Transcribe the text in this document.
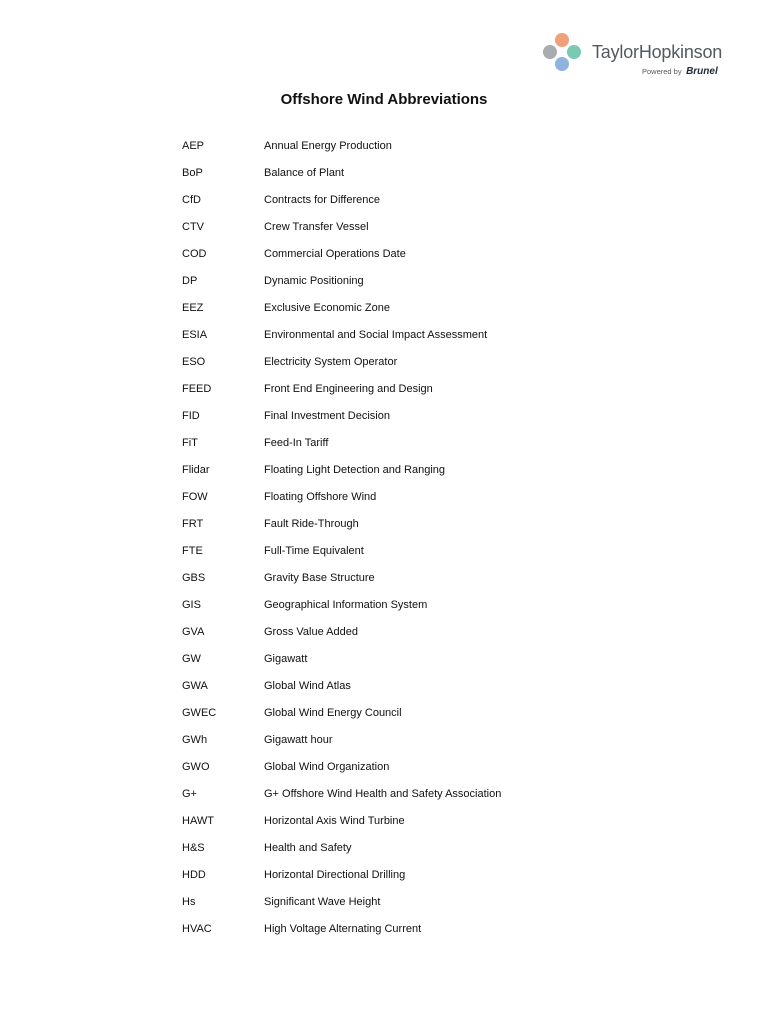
TaylorHopkinson
Powered by Brunel
Offshore Wind Abbreviations
AEP	Annual Energy Production
BoP	Balance of Plant
CfD	Contracts for Difference
CTV	Crew Transfer Vessel
COD	Commercial Operations Date
DP	Dynamic Positioning
EEZ	Exclusive Economic Zone
ESIA	Environmental and Social Impact Assessment
ESO	Electricity System Operator
FEED	Front End Engineering and Design
FID	Final Investment Decision
FiT	Feed-In Tariff
Flidar	Floating Light Detection and Ranging
FOW	Floating Offshore Wind
FRT	Fault Ride-Through
FTE	Full-Time Equivalent
GBS	Gravity Base Structure
GIS	Geographical Information System
GVA	Gross Value Added
GW	Gigawatt
GWA	Global Wind Atlas
GWEC	Global Wind Energy Council
GWh	Gigawatt hour
GWO	Global Wind Organization
G+	G+ Offshore Wind Health and Safety Association
HAWT	Horizontal Axis Wind Turbine
H&S	Health and Safety
HDD	Horizontal Directional Drilling
Hs	Significant Wave Height
HVAC	High Voltage Alternating Current
